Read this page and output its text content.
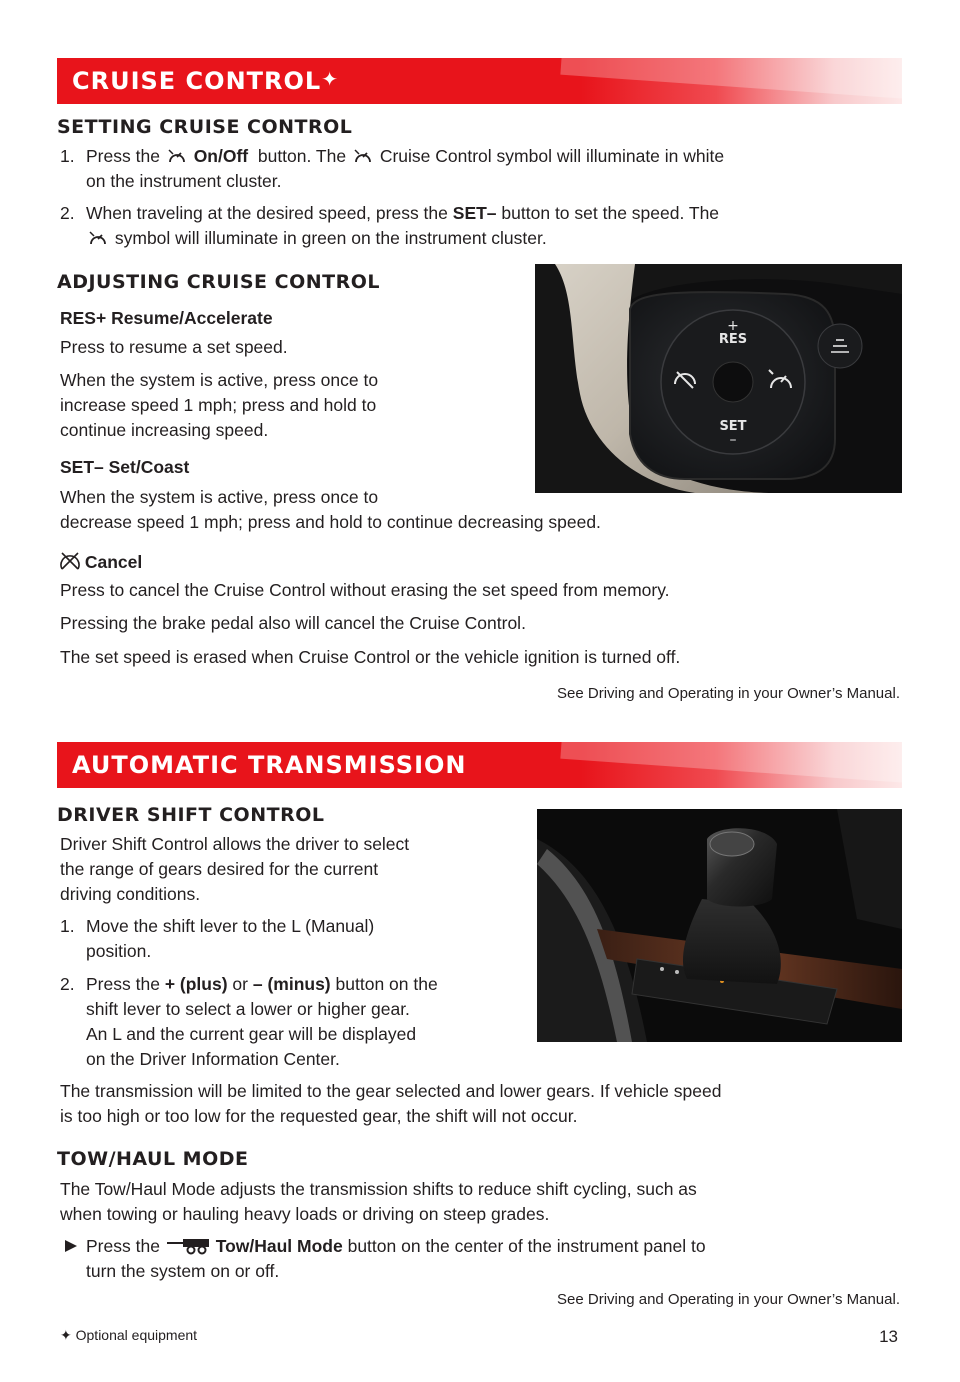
CRUISE CONTROL✦
SETTING CRUISE CONTROL
1. Press the On/Off button. The Cruise Control symbol will illuminate in white
on the instrument cluster.
2. When traveling at the desired speed, press the SET– button to set the speed. The
symbol will illuminate in green on the instrument cluster.
ADJUSTING CRUISE CONTROL
RES+ Resume/Accelerate
Press to resume a set speed.
When the system is active, press once to
increase speed 1 mph; press and hold to
continue increasing speed.
SET– Set/Coast
When the system is active, press once to
decrease speed 1 mph; press and hold to continue decreasing speed.
RES
+
SET
–
Cancel
Press to cancel the Cruise Control without erasing the set speed from memory.
Pressing the brake pedal also will cancel the Cruise Control.
The set speed is erased when Cruise Control or the vehicle ignition is turned off.
See Driving and Operating in your Owner’s Manual.
AUTOMATIC TRANSMISSION
DRIVER SHIFT CONTROL
Driver Shift Control allows the driver to select
the range of gears desired for the current
driving conditions.
1. Move the shift lever to the L (Manual)
position.
2. Press the + (plus) or – (minus) button on the
shift lever to select a lower or higher gear.
An L and the current gear will be displayed
on the Driver Information Center.
The transmission will be limited to the gear selected and lower gears. If vehicle speed
is too high or too low for the requested gear, the shift will not occur.
TOW/HAUL MODE
The Tow/Haul Mode adjusts the transmission shifts to reduce shift cycling, such as
when towing or hauling heavy loads or driving on steep grades.
Press the	Tow/Haul Mode button on the center of the instrument panel to
turn the system on or off.
See Driving and Operating in your Owner’s Manual.
✦ Optional equipment	13
